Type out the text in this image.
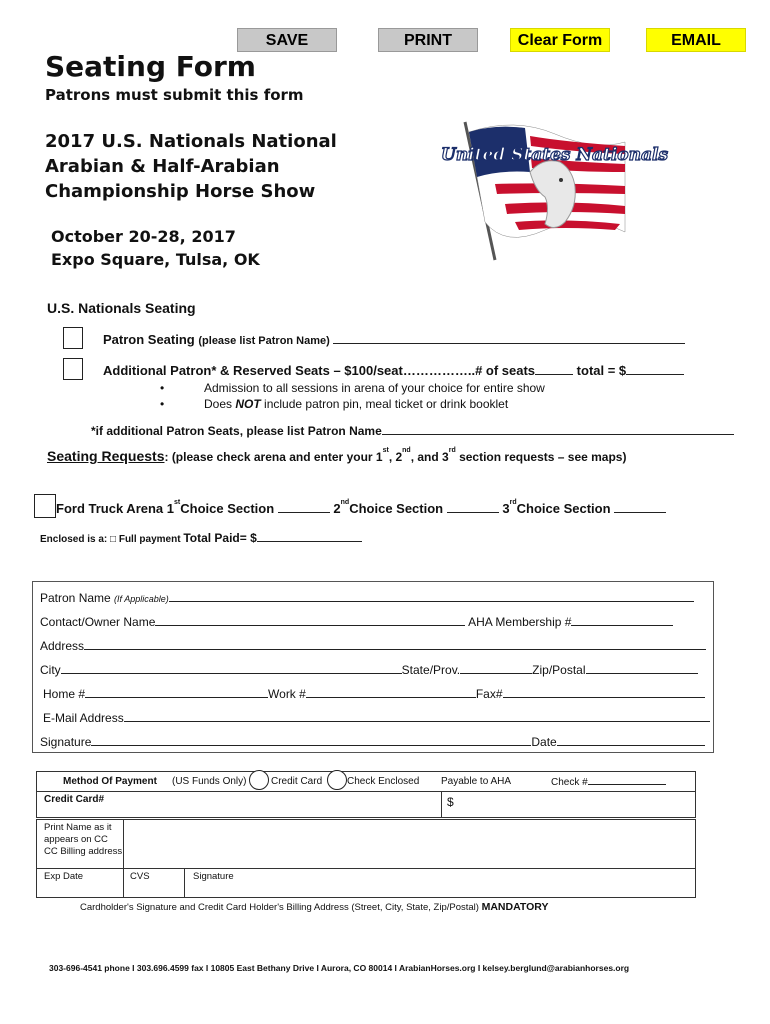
SAVE	PRINT	Clear Form	EMAIL
Seating Form
Patrons must submit this form
2017 U.S. Nationals National
Arabian & Half-Arabian
Championship Horse Show
October 20-28, 2017
Expo Square, Tulsa, OK
United States Nationals
U.S. Nationals Seating
Patron Seating (please list Patron Name)
Additional Patron* & Reserved Seats – $100/seat……………..# of seats	total = $
•	Admission to all sessions in arena of your choice for entire show
•	Does NOT include patron pin, meal ticket or drink booklet
*if additional Patron Seats, please list Patron Name
Seating Requests: (please check arena and enter your 1st, 2nd, and 3rd section requests – see maps)
Ford Truck Arena 1stChoice Section	2ndChoice Section	3rdChoice Section
Enclosed is a: □ Full payment Total Paid= $
Patron Name (If Applicable)
Contact/Owner Name	AHA Membership #
Address
City	State/Prov.	Zip/Postal
Home #	Work #	Fax#
E-Mail Address
Signature	Date
Method Of Payment (US Funds Only) Credit Card Check Enclosed Payable to AHA	Check #
Credit Card#	$
Print Name as it appears on CC
CC Billing address
Exp Date	CVS	Signature
Cardholder's Signature and Credit Card Holder's Billing Address (Street, City, State, Zip/Postal) MANDATORY
303-696-4541 phone I 303.696.4599 fax I 10805 East Bethany Drive I Aurora, CO 80014 I ArabianHorses.org I kelsey.berglund@arabianhorses.org
